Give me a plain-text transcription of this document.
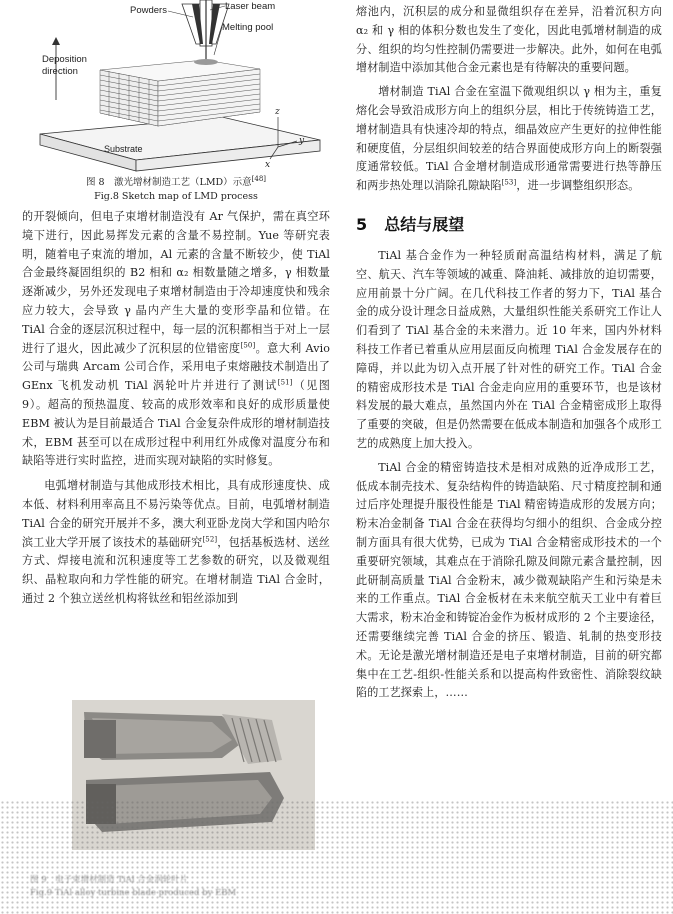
Substrate
Powders	Laser beam
Melting pool
Deposition
direction
z
y
x

图 8　激光增材制造工艺（LMD）示意[48]

Fig.8 Sketch map of LMD process

的开裂倾向，但电子束增材制造没有 Ar 气保护，需在真空环境下进行，因此易挥发元素的含量不易控制。Yue 等研究表明，随着电子束流的增加，Al 元素的含量不断较少，使 TiAl 合金最终凝固组织的 B2 相和 α₂ 相数量随之增多，γ 相数量逐渐减少，另外还发现电子束增材制造由于冷却速度快和残余应力较大，会导致 γ 晶内产生大量的变形孪晶和位错。在 TiAl 合金的逐层沉积过程中，每一层的沉积都相当于对上一层进行了退火，因此减少了沉积层的位错密度[50]。意大利 Avio 公司与瑞典 Arcam 公司合作，采用电子束熔融技术制造出了 GEnx 飞机发动机 TiAl 涡轮叶片并进行了测试[51]（见图 9）。超高的预热温度、较高的成形效率和良好的成形质量使 EBM 被认为是目前最适合 TiAl 合金复杂件成形的增材制造技术，EBM 甚至可以在成形过程中利用红外成像对温度分布和缺陷等进行实时监控，进而实现对缺陷的实时修复。

电弧增材制造与其他成形技术相比，具有成形速度快、成本低、材料利用率高且不易污染等优点。目前，电弧增材制造 TiAl 合金的研究开展并不多，澳大利亚卧龙岗大学和国内哈尔滨工业大学开展了该技术的基础研究[52]，包括基板选材、送丝方式、焊接电流和沉积速度等工艺参数的研究，以及微观组织、晶粒取向和力学性能的研究。在增材制造 TiAl 合金时，通过 2 个独立送丝机构将钛丝和铝丝添加到

熔池内，沉积层的成分和显微组织存在差异，沿着沉积方向 α₂ 和 γ 相的体积分数也发生了变化，因此电弧增材制造的成分、组织的均匀性控制仍需要进一步解决。此外，如何在电弧增材制造中添加其他合金元素也是有待解决的重要问题。

增材制造 TiAl 合金在室温下微观组织以 γ 相为主，重复熔化会导致沿成形方向上的组织分层，相比于传统铸造工艺，增材制造具有快速冷却的特点，细晶效应产生更好的拉伸性能和硬度值，分层组织间较差的结合界面使成形方向上的断裂强度通常较低。TiAl 合金增材制造成形通常需要进行热等静压和两步热处理以消除孔隙缺陷[53]，进一步调整组织形态。

5 总结与展望

TiAl 基合金作为一种轻质耐高温结构材料，满足了航空、航天、汽车等领域的减重、降油耗、减排放的迫切需要，应用前景十分广阔。在几代科技工作者的努力下，TiAl 基合金的成分设计理念日益成熟，大量组织性能关系研究工作让人们看到了 TiAl 基合金的未来潜力。近 10 年来，国内外材料科技工作者已着重从应用层面反向梳理 TiAl 合金发展存在的障碍，并以此为切入点开展了针对性的研究工作。TiAl 合金的精密成形技术是 TiAl 合金走向应用的重要环节，也是该材料发展的最大难点，虽然国内外在 TiAl 合金精密成形上取得了重要的突破，但是仍然需要在低成本制造和加强各个成形工艺的成熟度上加大投入。

TiAl 合金的精密铸造技术是相对成熟的近净成形工艺，低成本制壳技术、复杂结构件的铸造缺陷、尺寸精度控制和通过后序处理提升服役性能是 TiAl 精密铸造成形的发展方向；粉末冶金制备 TiAl 合金在获得均匀细小的组织、合金成分控制方面具有很大优势，已成为 TiAl 合金精密成形技术的一个重要研究领域，其难点在于消除孔隙及间隙元素含量控制，因此研制高质量 TiAl 合金粉末，减少微观缺陷产生和污染是未来的工作重点。TiAl 合金板材在未来航空航天工业中有着巨大需求，粉末冶金和铸锭冶金作为板材成形的 2 个主要途径，还需要继续完善 TiAl 合金的挤压、锻造、轧制的热变形技术。无论是激光增材制造还是电子束增材制造，目前的研究都集中在工艺-组织-性能关系和以提高构件致密性、消除裂纹缺陷的工艺探索上，……

图 9　电子束增材制造 TiAl 合金涡轮叶片
Fig.9 TiAl alloy turbine blade produced by EBM
